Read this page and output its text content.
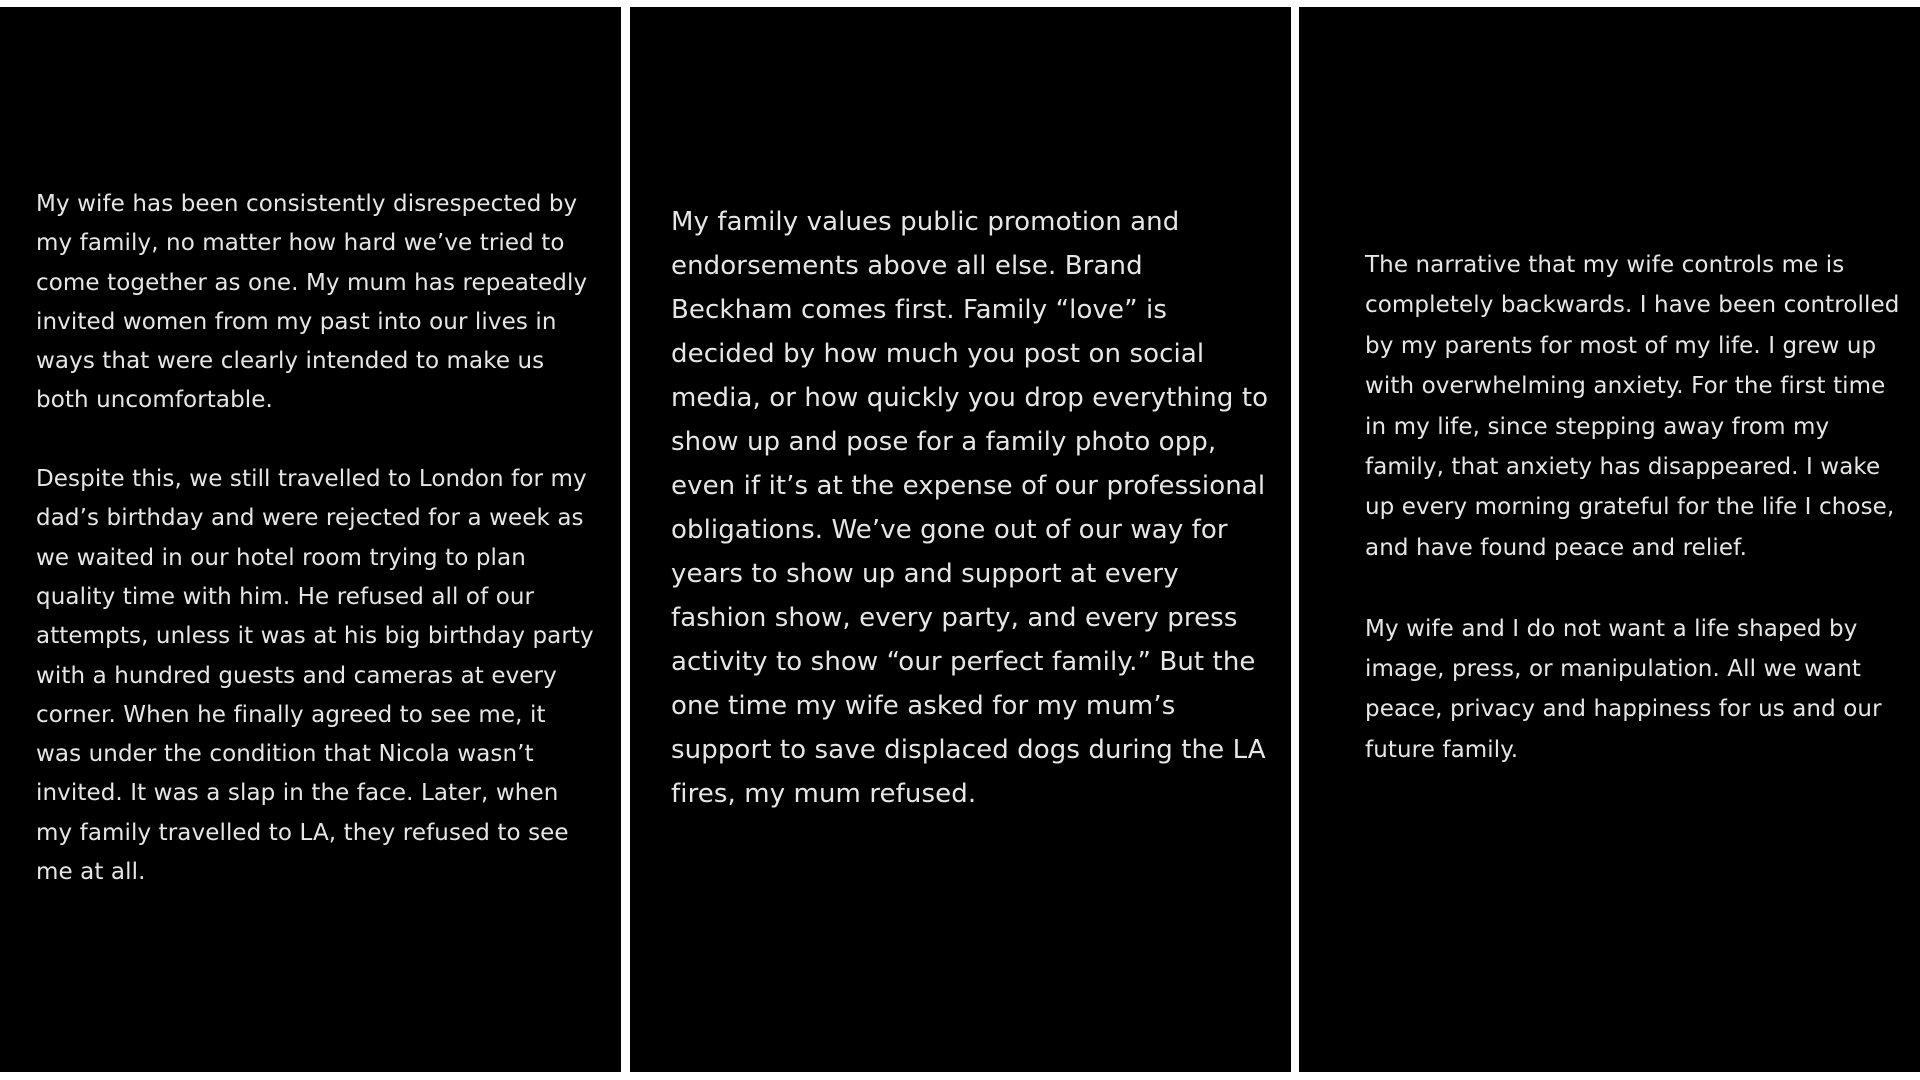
My wife has been consistently disrespected by my family, no matter how hard we’ve tried to come together as one. My mum has repeatedly invited women from my past into our lives in ways that were clearly intended to make us both uncomfortable.

Despite this, we still travelled to London for my dad’s birthday and were rejected for a week as we waited in our hotel room trying to plan quality time with him. He refused all of our attempts, unless it was at his big birthday party with a hundred guests and cameras at every corner. When he finally agreed to see me, it was under the condition that Nicola wasn’t invited. It was a slap in the face. Later, when my family travelled to LA, they refused to see me at all.

My family values public promotion and endorsements above all else. Brand Beckham comes first. Family “love” is decided by how much you post on social media, or how quickly you drop everything to show up and pose for a family photo opp, even if it’s at the expense of our professional obligations. We’ve gone out of our way for years to show up and support at every fashion show, every party, and every press activity to show “our perfect family.” But the one time my wife asked for my mum’s support to save displaced dogs during the LA fires, my mum refused.

The narrative that my wife controls me is completely backwards. I have been controlled by my parents for most of my life. I grew up with overwhelming anxiety. For the first time in my life, since stepping away from my family, that anxiety has disappeared. I wake up every morning grateful for the life I chose, and have found peace and relief.

My wife and I do not want a life shaped by image, press, or manipulation. All we want peace, privacy and happiness for us and our future family.
